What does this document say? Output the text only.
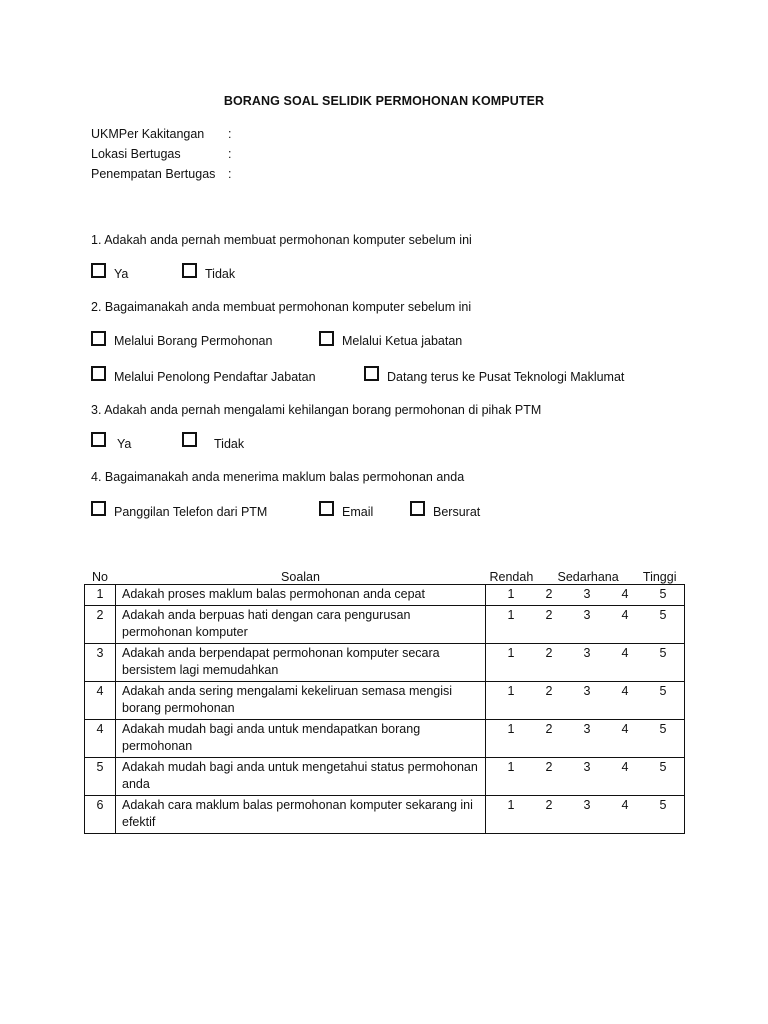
BORANG SOAL SELIDIK PERMOHONAN KOMPUTER
UKMPer Kakitangan :
Lokasi Bertugas	:
Penempatan Bertugas :
1. Adakah anda pernah membuat permohonan komputer sebelum ini
Ya	Tidak
2. Bagaimanakah anda membuat permohonan komputer sebelum ini
Melalui Borang Permohonan	Melalui Ketua jabatan
Melalui Penolong Pendaftar Jabatan	Datang terus ke Pusat Teknologi Maklumat
3. Adakah anda pernah mengalami kehilangan borang permohonan di pihak PTM
Ya	Tidak
4. Bagaimanakah anda menerima maklum balas permohonan anda
Panggilan Telefon dari PTM	Email	Bersurat
No	Soalan	Rendah Sedarhana Tinggi

1	Adakah proses maklum balas permohonan anda cepat	1 2 3 4 5

2	Adakah anda berpuas hati dengan cara pengurusan permohonan komputer	1 2 3 4 5

3	Adakah anda berpendapat permohonan komputer secara bersistem lagi memudahkan	1 2 3 4 5

4	Adakah anda sering mengalami kekeliruan semasa mengisi borang permohonan	1 2 3 4 5

4	Adakah mudah bagi anda untuk mendapatkan borang permohonan	1 2 3 4 5

5	Adakah mudah bagi anda untuk mengetahui status permohonan anda	1 2 3 4 5

6	Adakah cara maklum balas permohonan komputer sekarang ini efektif	1 2 3 4 5
